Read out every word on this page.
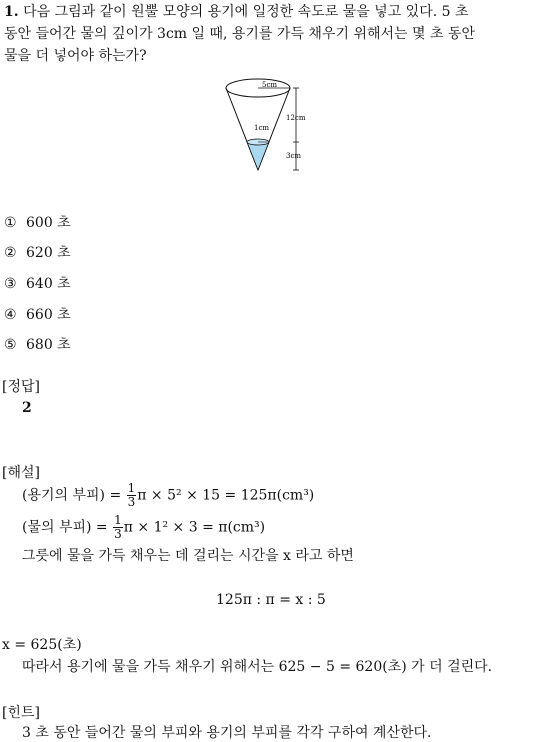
1. 다음 그림과 같이 원뿔 모양의 용기에 일정한 속도로 물을 넣고 있다. 5 초
동안 들어간 물의 깊이가 3cm 일 때, 용기를 가득 채우기 위해서는 몇 초 동안
물을 더 넣어야 하는가?
5cm
1cm
12cm
3cm
① 600 초
② 620 초
③ 640 초
④ 660 초
⑤ 680 초
[정답]
2
[해설]
(용기의 부피) = $\frac{1}{3}$ π × 5² × 15 = 125π(cm³)
(물의 부피) = $\frac{1}{3}$ π × 1² × 3 = π(cm³)
그릇에 물을 가득 채우는 데 걸리는 시간을 x 라고 하면
125π : π = x : 5
x = 625(초)
따라서 용기에 물을 가득 채우기 위해서는 625 − 5 = 620(초) 가 더 걸린다.
[힌트]
3 초 동안 들어간 물의 부피와 용기의 부피를 각각 구하여 계산한다.
